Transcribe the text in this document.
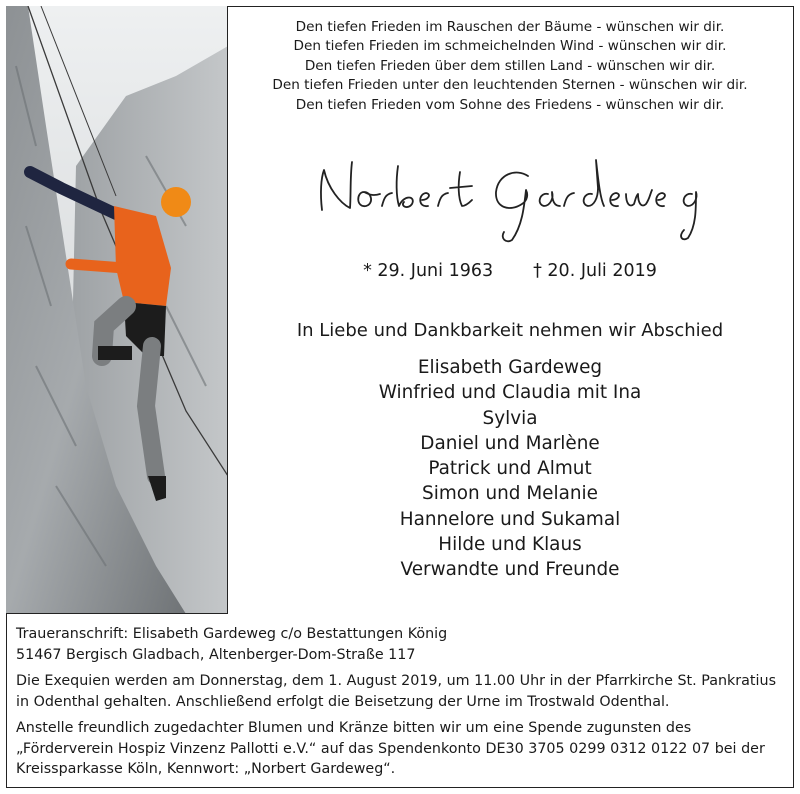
Den tiefen Frieden im Rauschen der Bäume - wünschen wir dir.
Den tiefen Frieden im schmeichelnden Wind - wünschen wir dir.
Den tiefen Frieden über dem stillen Land - wünschen wir dir.
Den tiefen Frieden unter den leuchtenden Sternen - wünschen wir dir.
Den tiefen Frieden vom Sohne des Friedens - wünschen wir dir.
* 29. Juni 1963 † 20. Juli 2019
In Liebe und Dankbarkeit nehmen wir Abschied
Elisabeth Gardeweg
Winfried und Claudia mit Ina
Sylvia
Daniel und Marlène
Patrick und Almut
Simon und Melanie
Hannelore und Sukamal
Hilde und Klaus
Verwandte und Freunde

Traueranschrift: Elisabeth Gardeweg c/o Bestattungen König
51467 Bergisch Gladbach, Altenberger-Dom-Straße 117

Die Exequien werden am Donnerstag, dem 1. August 2019, um 11.00 Uhr in der Pfarrkirche St. Pankratius in Odenthal gehalten. Anschließend erfolgt die Beisetzung der Urne im Trostwald Odenthal.

Anstelle freundlich zugedachter Blumen und Kränze bitten wir um eine Spende zugunsten des „Förderverein Hospiz Vinzenz Pallotti e.V.“ auf das Spendenkonto DE30 3705 0299 0312 0122 07 bei der Kreissparkasse Köln, Kennwort: „Norbert Gardeweg“.
